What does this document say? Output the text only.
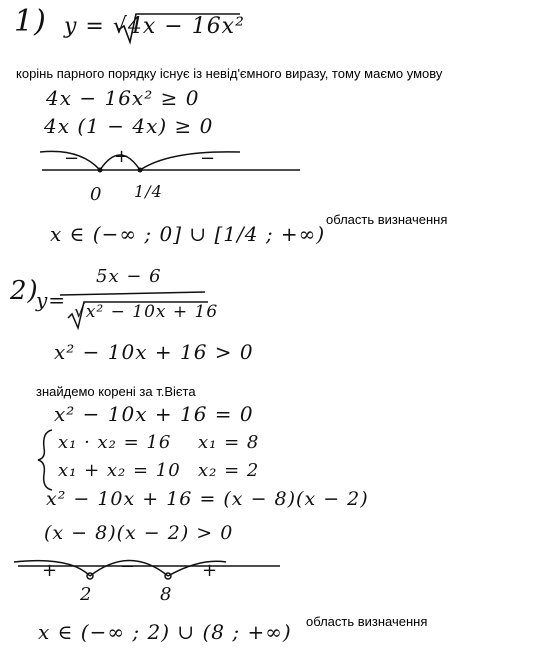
1) y = √4x − 16x²
корінь парного порядку існує із невід'ємного виразу, тому маємо умову
4x − 16x² ≥ 0
4x (1 − 4x) ≥ 0
− +	−
0 1/4
x ∈ (−∞ ; 0] ∪ [1/4 ; +∞)
область визначення
2)
y=
5x − 6
√x² − 10x + 16
x² − 10x + 16 > 0
знайдемо корені за т.Вієта
x² − 10x + 16 = 0
x₁ · x₂ = 16
x₁ + x₂ = 10
x₁ = 8
x₂ = 2
x² − 10x + 16 = (x − 8)(x − 2)
(x − 8)(x − 2) > 0
+	−	+
2	8
x ∈ (−∞ ; 2) ∪ (8 ; +∞) область визначення
